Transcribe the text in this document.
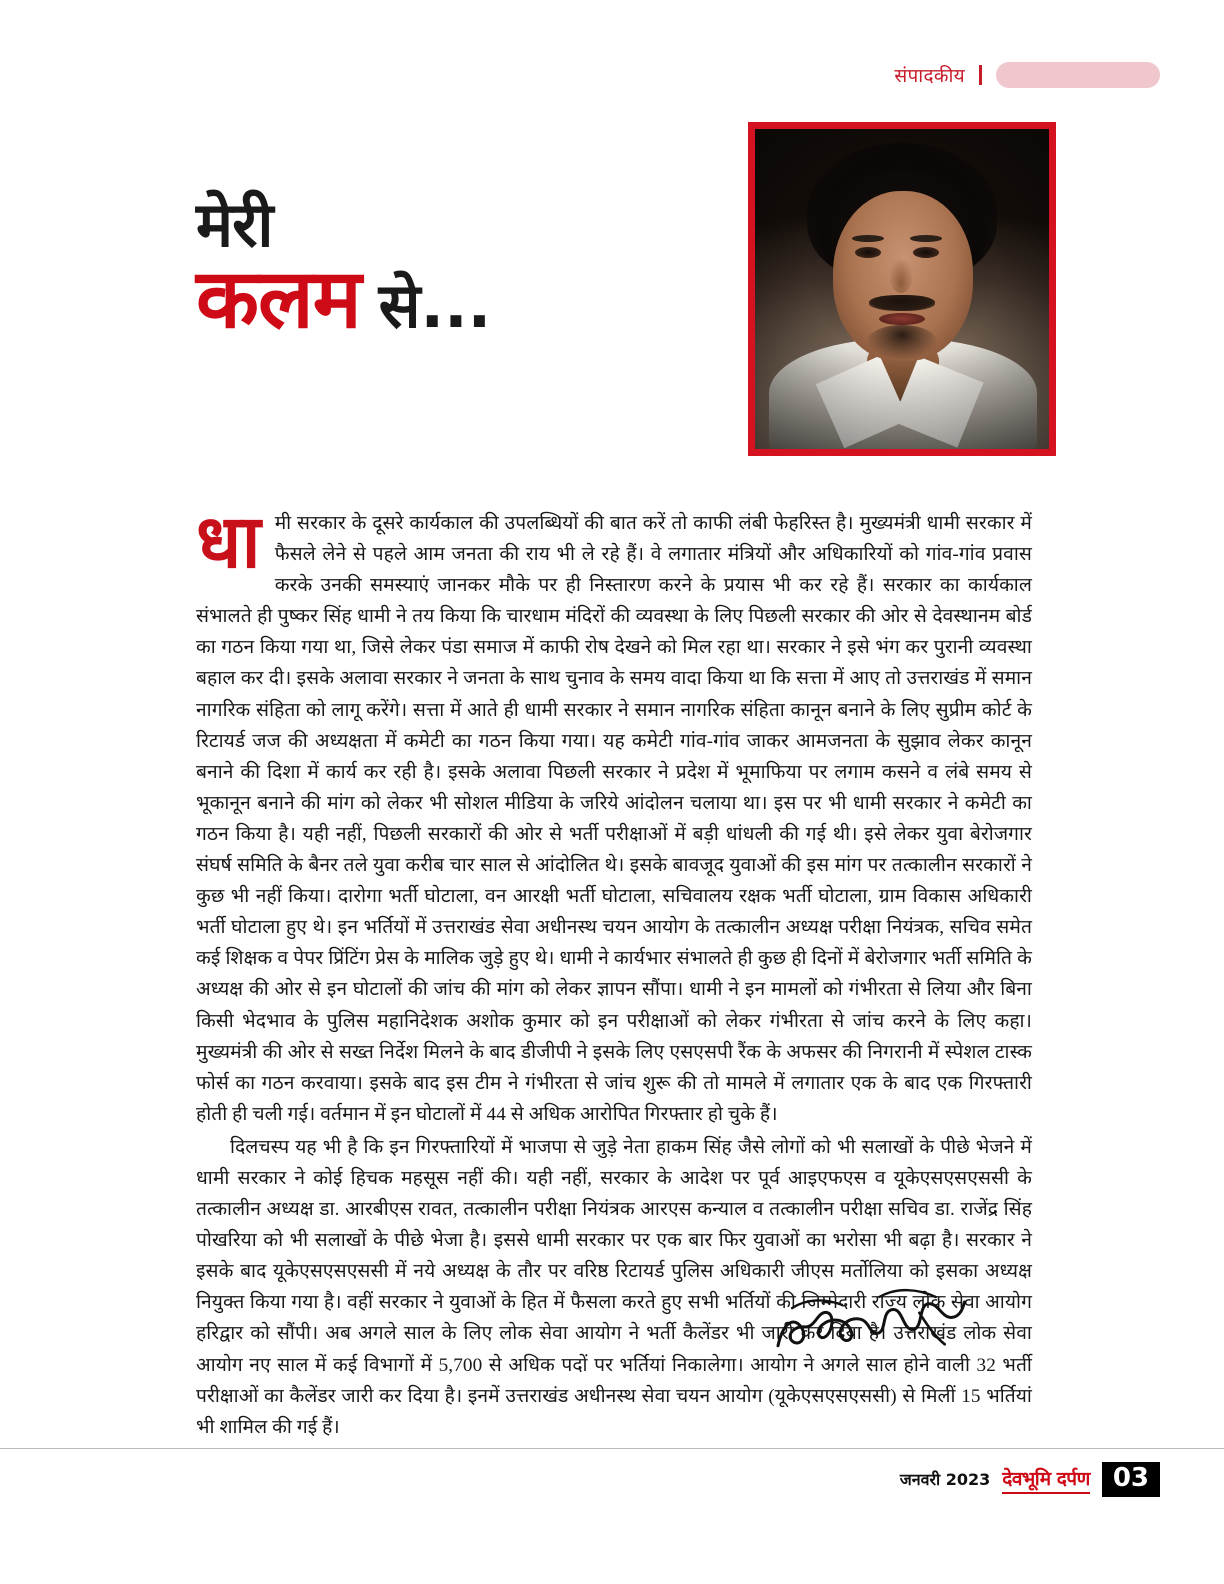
संपादकीय
मेरी
कलम से...
धा मी सरकार के दूसरे कार्यकाल की उपलब्धियों की बात करें तो काफी लंबी फेहरिस्त है। मुख्यमंत्री धामी सरकार में फैसले लेने से पहले आम जनता की राय भी ले रहे हैं। वे लगातार मंत्रियों और अधिकारियों को गांव-गांव प्रवास करके उनकी समस्याएं जानकर मौके पर ही निस्तारण करने के प्रयास भी कर रहे हैं। सरकार का कार्यकाल संभालते ही पुष्कर सिंह धामी ने तय किया कि चारधाम मंदिरों की व्यवस्था के लिए पिछली सरकार की ओर से देवस्थानम बोर्ड का गठन किया गया था, जिसे लेकर पंडा समाज में काफी रोष देखने को मिल रहा था। सरकार ने इसे भंग कर पुरानी व्यवस्था बहाल कर दी। इसके अलावा सरकार ने जनता के साथ चुनाव के समय वादा किया था कि सत्ता में आए तो उत्तराखंड में समान नागरिक संहिता को लागू करेंगे। सत्ता में आते ही धामी सरकार ने समान नागरिक संहिता कानून बनाने के लिए सुप्रीम कोर्ट के रिटायर्ड जज की अध्यक्षता में कमेटी का गठन किया गया। यह कमेटी गांव-गांव जाकर आमजनता के सुझाव लेकर कानून बनाने की दिशा में कार्य कर रही है। इसके अलावा पिछली सरकार ने प्रदेश में भूमाफिया पर लगाम कसने व लंबे समय से भूकानून बनाने की मांग को लेकर भी सोशल मीडिया के जरिये आंदोलन चलाया था। इस पर भी धामी सरकार ने कमेटी का गठन किया है। यही नहीं, पिछली सरकारों की ओर से भर्ती परीक्षाओं में बड़ी धांधली की गई थी। इसे लेकर युवा बेरोजगार संघर्ष समिति के बैनर तले युवा करीब चार साल से आंदोलित थे। इसके बावजूद युवाओं की इस मांग पर तत्कालीन सरकारों ने कुछ भी नहीं किया। दारोगा भर्ती घोटाला, वन आरक्षी भर्ती घोटाला, सचिवालय रक्षक भर्ती घोटाला, ग्राम विकास अधिकारी भर्ती घोटाला हुए थे। इन भर्तियों में उत्तराखंड सेवा अधीनस्थ चयन आयोग के तत्कालीन अध्यक्ष परीक्षा नियंत्रक, सचिव समेत कई शिक्षक व पेपर प्रिंटिंग प्रेस के मालिक जुड़े हुए थे। धामी ने कार्यभार संभालते ही कुछ ही दिनों में बेरोजगार भर्ती समिति के अध्यक्ष की ओर से इन घोटालों की जांच की मांग को लेकर ज्ञापन सौंपा। धामी ने इन मामलों को गंभीरता से लिया और बिना किसी भेदभाव के पुलिस महानिदेशक अशोक कुमार को इन परीक्षाओं को लेकर गंभीरता से जांच करने के लिए कहा। मुख्यमंत्री की ओर से सख्त निर्देश मिलने के बाद डीजीपी ने इसके लिए एसएसपी रैंक के अफसर की निगरानी में स्पेशल टास्क फोर्स का गठन करवाया। इसके बाद इस टीम ने गंभीरता से जांच शुरू की तो मामले में लगातार एक के बाद एक गिरफ्तारी होती ही चली गई। वर्तमान में इन घोटालों में 44 से अधिक आरोपित गिरफ्तार हो चुके हैं।

दिलचस्प यह भी है कि इन गिरफ्तारियों में भाजपा से जुड़े नेता हाकम सिंह जैसे लोगों को भी सलाखों के पीछे भेजने में धामी सरकार ने कोई हिचक महसूस नहीं की। यही नहीं, सरकार के आदेश पर पूर्व आइएफएस व यूकेएसएसएससी के तत्कालीन अध्यक्ष डा. आरबीएस रावत, तत्कालीन परीक्षा नियंत्रक आरएस कन्याल व तत्कालीन परीक्षा सचिव डा. राजेंद्र सिंह पोखरिया को भी सलाखों के पीछे भेजा है। इससे धामी सरकार पर एक बार फिर युवाओं का भरोसा भी बढ़ा है। सरकार ने इसके बाद यूकेएसएसएससी में नये अध्यक्ष के तौर पर वरिष्ठ रिटायर्ड पुलिस अधिकारी जीएस मर्तोलिया को इसका अध्यक्ष नियुक्त किया गया है। वहीं सरकार ने युवाओं के हित में फैसला करते हुए सभी भर्तियों की जिम्मेदारी राज्य लोक सेवा आयोग हरिद्वार को सौंपी। अब अगले साल के लिए लोक सेवा आयोग ने भर्ती कैलेंडर भी जारी कर दिया है। उत्तराखंड लोक सेवा आयोग नए साल में कई विभागों में 5,700 से अधिक पदों पर भर्तियां निकालेगा। आयोग ने अगले साल होने वाली 32 भर्ती परीक्षाओं का कैलेंडर जारी कर दिया है। इनमें उत्तराखंड अधीनस्थ सेवा चयन आयोग (यूकेएसएसएससी) से मिलीं 15 भर्तियां भी शामिल की गई हैं।

जनवरी 2023 देवभूमि दर्पण 03
